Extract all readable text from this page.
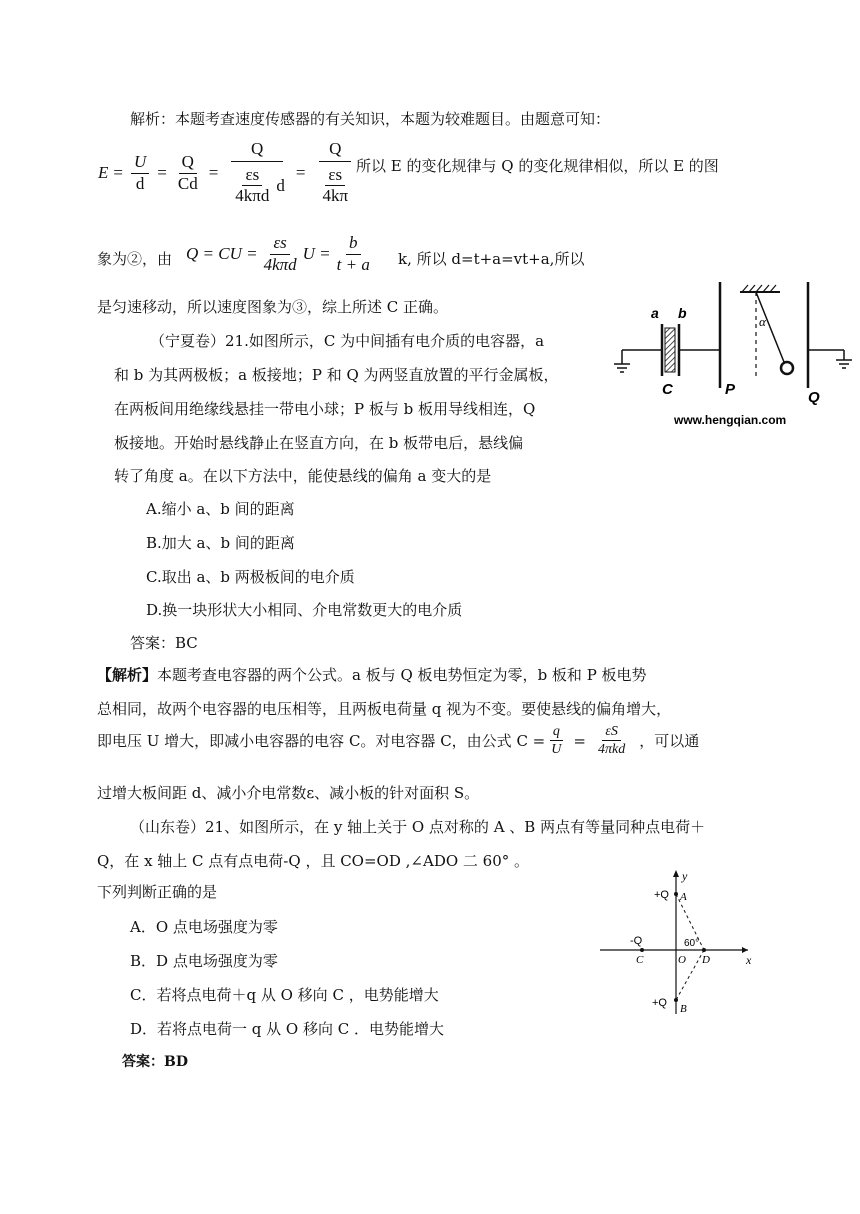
解析：本题考查速度传感器的有关知识，本题为较难题目。由题意可知：
$E = \frac{U}{d} = \frac{Q}{Cd} = \frac{Q}{\frac{\varepsilon s}{\text{4kπd}} d} = \frac{Q}{\frac{\varepsilon s}{4k\pi}}$
所以 E 的变化规律与 Q 的变化规律相似，所以 E 的图
象为②，由 Q = CU = $\frac{\varepsilon s}{\text{4kπd}}$ $U = \frac{b}{t + a} k$, 所以 d=t+a=vt+a,所以
是匀速移动，所以速度图象为③，综上所述 C 正确。
（宁夏卷）21.如图所示，C 为中间插有电介质的电容器，a
和 b 为其两极板；a 板接地；P 和 Q 为两竖直放置的平行金属板，
在两板间用绝缘线悬挂一带电小球；P 板与 b 板用导线相连，Q
板接地。开始时悬线静止在竖直方向，在 b 板带电后，悬线偏
转了角度 a。在以下方法中，能使悬线的偏角 a 变大的是
A.缩小 a、b 间的距离
B.加大 a、b 间的距离
C.取出 a、b 两极板间的电介质
D.换一块形状大小相同、介电常数更大的电介质
答案：BC
a b
C	P	Q
α
www.hengqian.com
【解析】本题考查电容器的两个公式。a 板与 Q 板电势恒定为零，b 板和 P 板电势
总相同，故两个电容器的电压相等，且两板电荷量 q 视为不变。要使悬线的偏角增大，
即电压 U 增大，即减小电容器的电容 C。对电容器 C，由公式 $C = \frac{q}{U} = \frac{\varepsilon S}{\text{4πkd}}$ ，可以通
过增大板间距 d、减小介电常数ε、减小板的针对面积 S。
（山东卷）21、如图所示，在 y 轴上关于 O 点对称的 A 、B 两点有等量同种点电荷＋
Q，在 x 轴上 C 点有点电荷-Q ，且 CO=OD ,∠ADO 二 60° 。
下列判断正确的是
A．O 点电场强度为零
B．D 点电场强度为零
C．若将点电荷＋q 从 O 移向 C ，电势能增大
D．若将点电荷一 q 从 O 移向 C ．电势能增大
答案：BD
y
x
+Q A
-Q
C	O D
60°
+Q B
